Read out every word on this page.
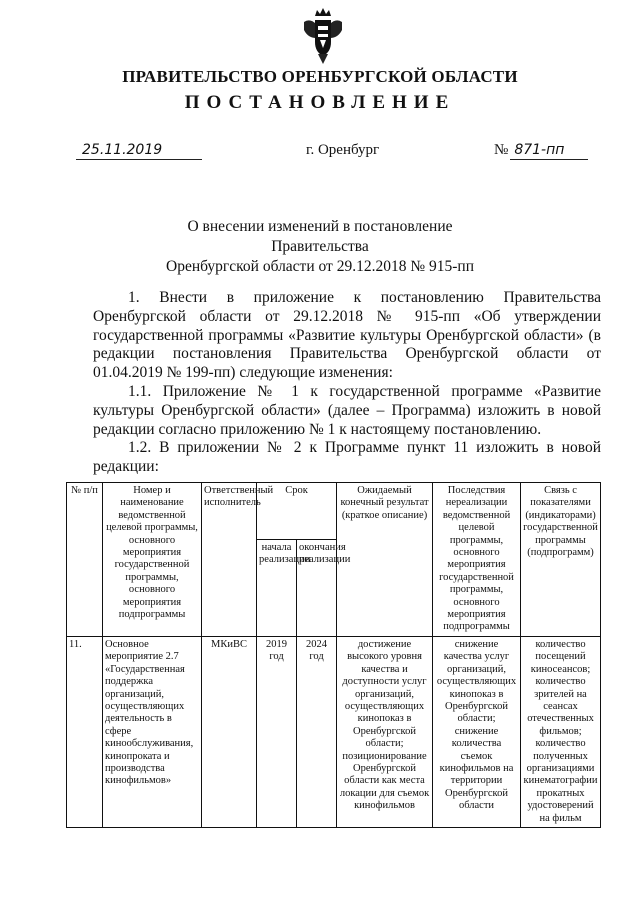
ПРАВИТЕЛЬСТВО ОРЕНБУРГСКОЙ ОБЛАСТИ
ПОСТАНОВЛЕНИЕ
25.11.2019	г. Оренбург	№ 871-пп
О внесении изменений в постановление Правительства
Оренбургской области от 29.12.2018 № 915-пп

1. Внести в приложение к постановлению Правительства Оренбургской области от 29.12.2018 № 915-пп «Об утверждении государственной программы «Развитие культуры Оренбургской области» (в редакции постановления Правительства Оренбургской области от 01.04.2019 № 199-пп) следующие изменения:

1.1. Приложение № 1 к государственной программе «Развитие культуры Оренбургской области» (далее – Программа) изложить в новой редакции согласно приложению № 1 к настоящему постановлению.

1.2. В приложении № 2 к Программе пункт 11 изложить в новой редакции:

№ п/п	Номер и наименование ведомственной целевой программы, основного мероприятия государственной программы, основного мероприятия подпрограммы	Ответственный исполнитель	Срок		Ожидаемый конечный результат (краткое описание)	Последствия нереализации ведомственной целевой программы, основного мероприятия государственной программы, основного мероприятия подпрограммы	Связь с показателями (индикаторами) государственной программы (подпрограмм)
			начала реализации	окончания реализации			
11.	Основное мероприятие 2.7 «Государственная поддержка организаций, осуществляющих деятельность в сфере кинообслуживания, кинопроката и производства кинофильмов»	МКиВС	2019 год	2024 год	достижение высокого уровня качества и доступности услуг организаций, осуществляющих кинопоказ в Оренбургской области; позиционирование Оренбургской области как места локации для съемок кинофильмов	снижение качества услуг организаций, осуществляющих кинопоказ в Оренбургской области; снижение количества съемок кинофильмов на территории Оренбургской области	количество посещений киносеансов; количество зрителей на сеансах отечественных фильмов; количество полученных организациями кинематографии прокатных удостоверений на фильм
